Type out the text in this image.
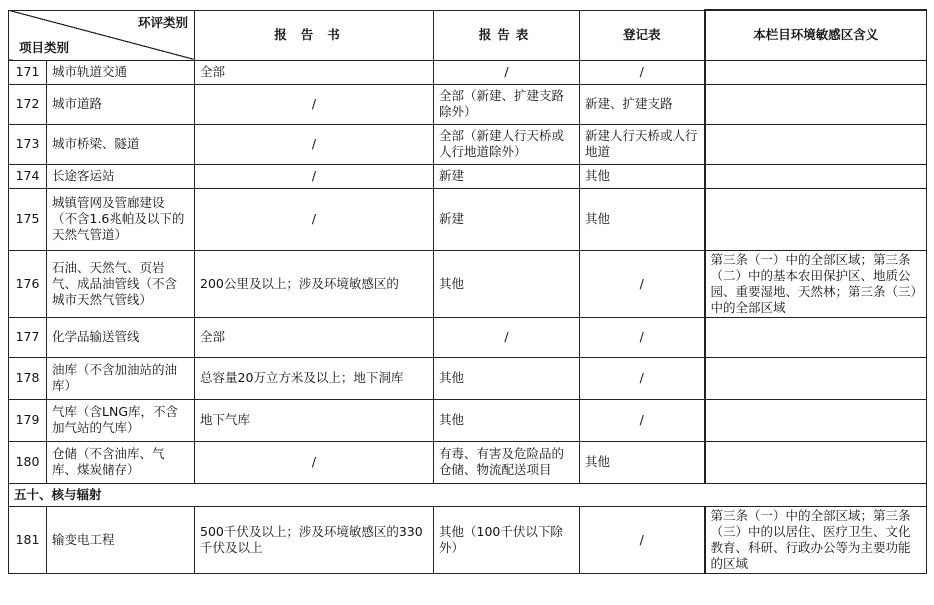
环评类别
项目类别		报告书	报告表	登记表	本栏目环境敏感区含义
171	城市轨道交通	全部	/	/	
172	城市道路	/	全部（新建、扩建支路除外）	新建、扩建支路	
173	城市桥梁、隧道	/	全部（新建人行天桥或人行地道除外）	新建人行天桥或人行地道	
174	长途客运站	/	新建	其他	
175	城镇管网及管廊建设（不含1.6兆帕及以下的天然气管道）	/	新建	其他	
176	石油、天然气、页岩气、成品油管线（不含城市天然气管线）	200公里及以上；涉及环境敏感区的	其他	/	第三条（一）中的全部区域；第三条（二）中的基本农田保护区、地质公园、重要湿地、天然林；第三条（三）中的全部区域
177	化学品输送管线	全部	/	/	
178	油库（不含加油站的油库）	总容量20万立方米及以上；地下洞库	其他	/	
179	气库（含LNG库，不含加气站的气库）	地下气库	其他	/	
180	仓储（不含油库、气库、煤炭储存）	/	有毒、有害及危险品的仓储、物流配送项目	其他	
五十、核与辐射					
181	输变电工程	500千伏及以上；涉及环境敏感区的330千伏及以上	其他（100千伏以下除外）	/	第三条（一）中的全部区域；第三条（三）中的以居住、医疗卫生、文化教育、科研、行政办公等为主要功能的区域
